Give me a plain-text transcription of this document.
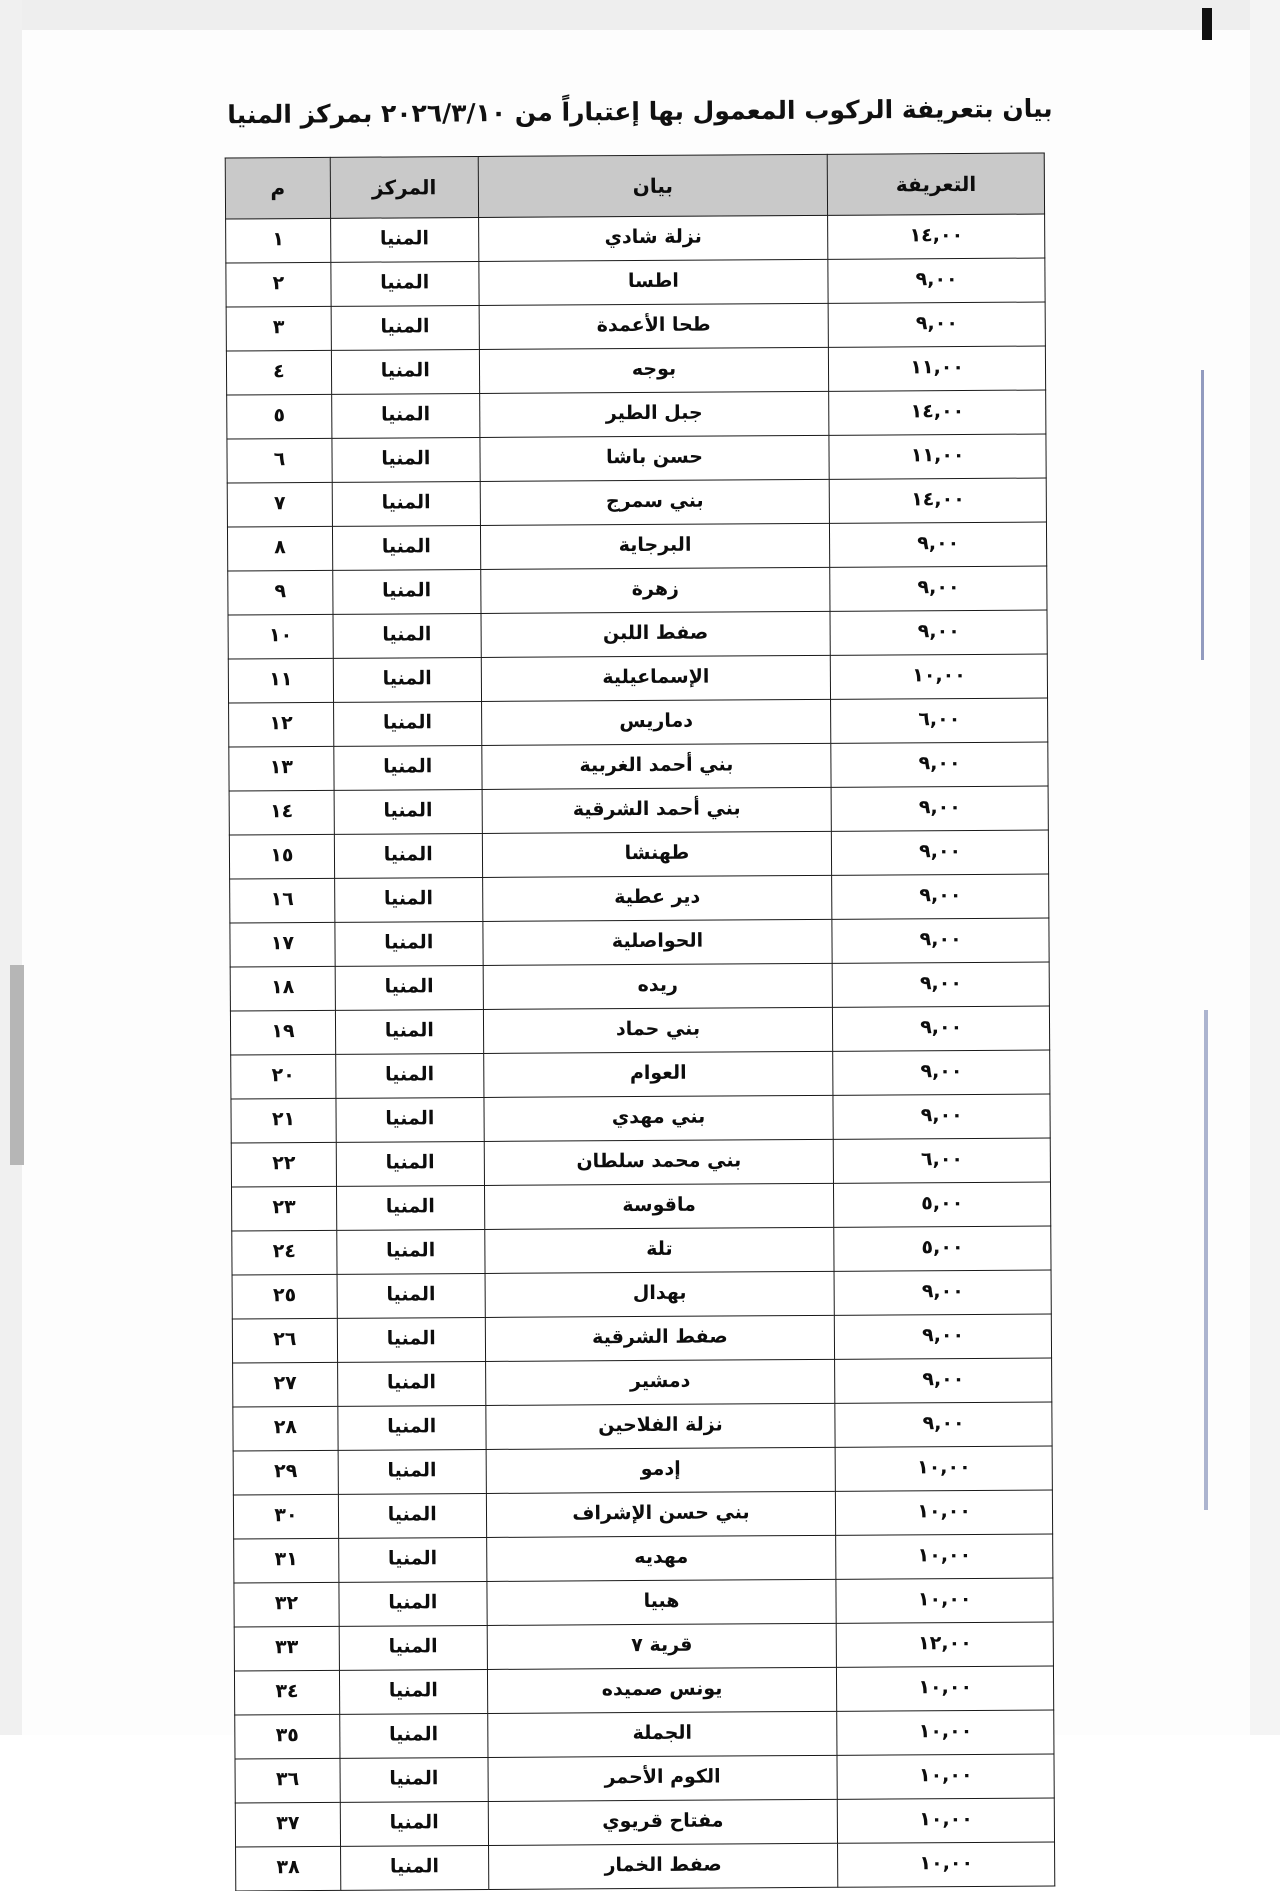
بيان بتعريفة الركوب المعمول بها إعتباراً من ٢٠٢٦/٣/١٠ بمركز المنيا
التعريفة	بيان	المركز	م
١٤,٠٠	نزلة شادي	المنيا	١
٩,٠٠	اطسا	المنيا	٢
٩,٠٠	طحا الأعمدة	المنيا	٣
١١,٠٠	بوجه	المنيا	٤
١٤,٠٠	جبل الطير	المنيا	٥
١١,٠٠	حسن باشا	المنيا	٦
١٤,٠٠	بني سمرج	المنيا	٧
٩,٠٠	البرجاية	المنيا	٨
٩,٠٠	زهرة	المنيا	٩
٩,٠٠	صفط اللبن	المنيا	١٠
١٠,٠٠	الإسماعيلية	المنيا	١١
٦,٠٠	دماريس	المنيا	١٢
٩,٠٠	بني أحمد الغربية	المنيا	١٣
٩,٠٠	بني أحمد الشرقية	المنيا	١٤
٩,٠٠	طهنشا	المنيا	١٥
٩,٠٠	دير عطية	المنيا	١٦
٩,٠٠	الحواصلية	المنيا	١٧
٩,٠٠	ريده	المنيا	١٨
٩,٠٠	بني حماد	المنيا	١٩
٩,٠٠	العوام	المنيا	٢٠
٩,٠٠	بني مهدي	المنيا	٢١
٦,٠٠	بني محمد سلطان	المنيا	٢٢
٥,٠٠	ماقوسة	المنيا	٢٣
٥,٠٠	تلة	المنيا	٢٤
٩,٠٠	بهدال	المنيا	٢٥
٩,٠٠	صفط الشرقية	المنيا	٢٦
٩,٠٠	دمشير	المنيا	٢٧
٩,٠٠	نزلة الفلاحين	المنيا	٢٨
١٠,٠٠	إدمو	المنيا	٢٩
١٠,٠٠	بني حسن الإشراف	المنيا	٣٠
١٠,٠٠	مهديه	المنيا	٣١
١٠,٠٠	هبيا	المنيا	٣٢
١٢,٠٠	قرية ٧	المنيا	٣٣
١٠,٠٠	يونس صميده	المنيا	٣٤
١٠,٠٠	الجملة	المنيا	٣٥
١٠,٠٠	الكوم الأحمر	المنيا	٣٦
١٠,٠٠	مفتاح قريوي	المنيا	٣٧
١٠,٠٠	صفط الخمار	المنيا	٣٨
